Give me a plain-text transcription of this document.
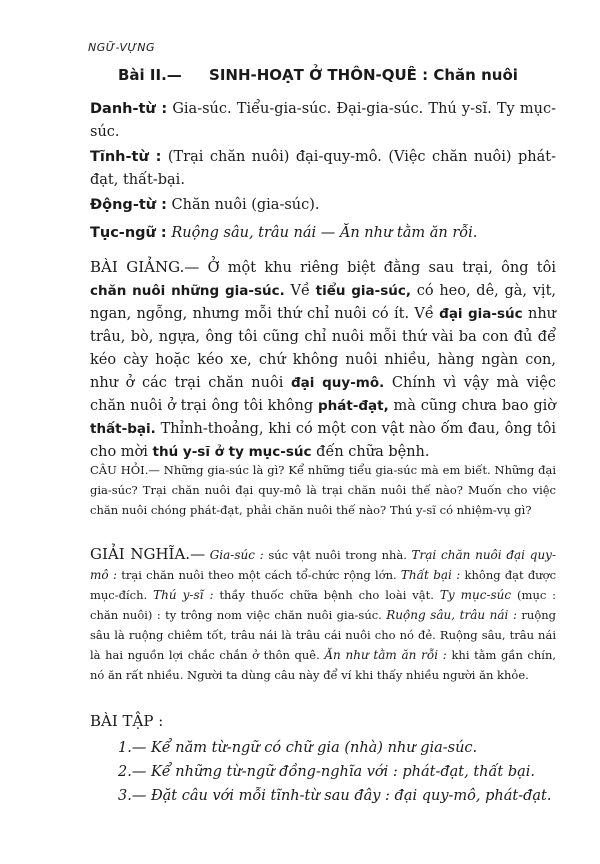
NGỮ-VỰNG
Bài II.— SINH-HOẠT Ở THÔN-QUÊ : Chăn nuôi

Danh-từ : Gia-súc. Tiểu-gia-súc. Đại-gia-súc. Thú y-sĩ. Ty mục-súc.

Tĩnh-từ : (Trại chăn nuôi) đại-quy-mô. (Việc chăn nuôi) phát-đạt, thất-bại.

Động-từ : Chăn nuôi (gia-súc).

Tục-ngữ : Ruộng sâu, trâu nái — Ăn như tằm ăn rỗi.

BÀI GIẢNG.— Ở một khu riêng biệt đằng sau trại, ông tôi chăn nuôi những gia-súc. Về tiểu gia-súc, có heo, dê, gà, vịt, ngan, ngỗng, nhưng mỗi thứ chỉ nuôi có ít. Về đại gia-súc như trâu, bò, ngựa, ông tôi cũng chỉ nuôi mỗi thứ vài ba con đủ để kéo cày hoặc kéo xe, chứ không nuôi nhiều, hàng ngàn con, như ở các trại chăn nuôi đại quy-mô. Chính vì vậy mà việc chăn nuôi ở trại ông tôi không phát-đạt, mà cũng chưa bao giờ thất-bại. Thỉnh-thoảng, khi có một con vật nào ốm đau, ông tôi cho mời thú y-sĩ ở ty mục-súc đến chữa bệnh.

CÂU HỎI.— Những gia-súc là gì? Kể những tiểu gia-súc mà em biết. Những đại gia-súc? Trại chăn nuôi đại quy-mô là trại chăn nuôi thế nào? Muốn cho việc chăn nuôi chóng phát-đạt, phải chăn nuôi thế nào? Thú y-sĩ có nhiệm-vụ gì?

GIẢI NGHĨA.— Gia-súc : súc vật nuôi trong nhà. Trại chăn nuôi đại quy-mô : trại chăn nuôi theo một cách tổ-chức rộng lớn. Thất bại : không đạt được mục-đích. Thú y-sĩ : thầy thuốc chữa bệnh cho loài vật. Ty mục-súc (mục : chăn nuôi) : ty trông nom việc chăn nuôi gia-súc. Ruộng sâu, trâu nái : ruộng sâu là ruộng chiêm tốt, trâu nái là trâu cái nuôi cho nó đẻ. Ruộng sâu, trâu nái là hai nguồn lợi chắc chắn ở thôn quê. Ăn như tằm ăn rỗi : khi tằm gần chín, nó ăn rất nhiều. Người ta dùng câu này để ví khi thấy nhiều người ăn khỏe.

BÀI TẬP :

1.— Kể năm từ-ngữ có chữ gia (nhà) như gia-súc.
2.— Kể những từ-ngữ đồng-nghĩa với : phát-đạt, thất bại.
3.— Đặt câu với mỗi tĩnh-từ sau đây : đại quy-mô, phát-đạt.
